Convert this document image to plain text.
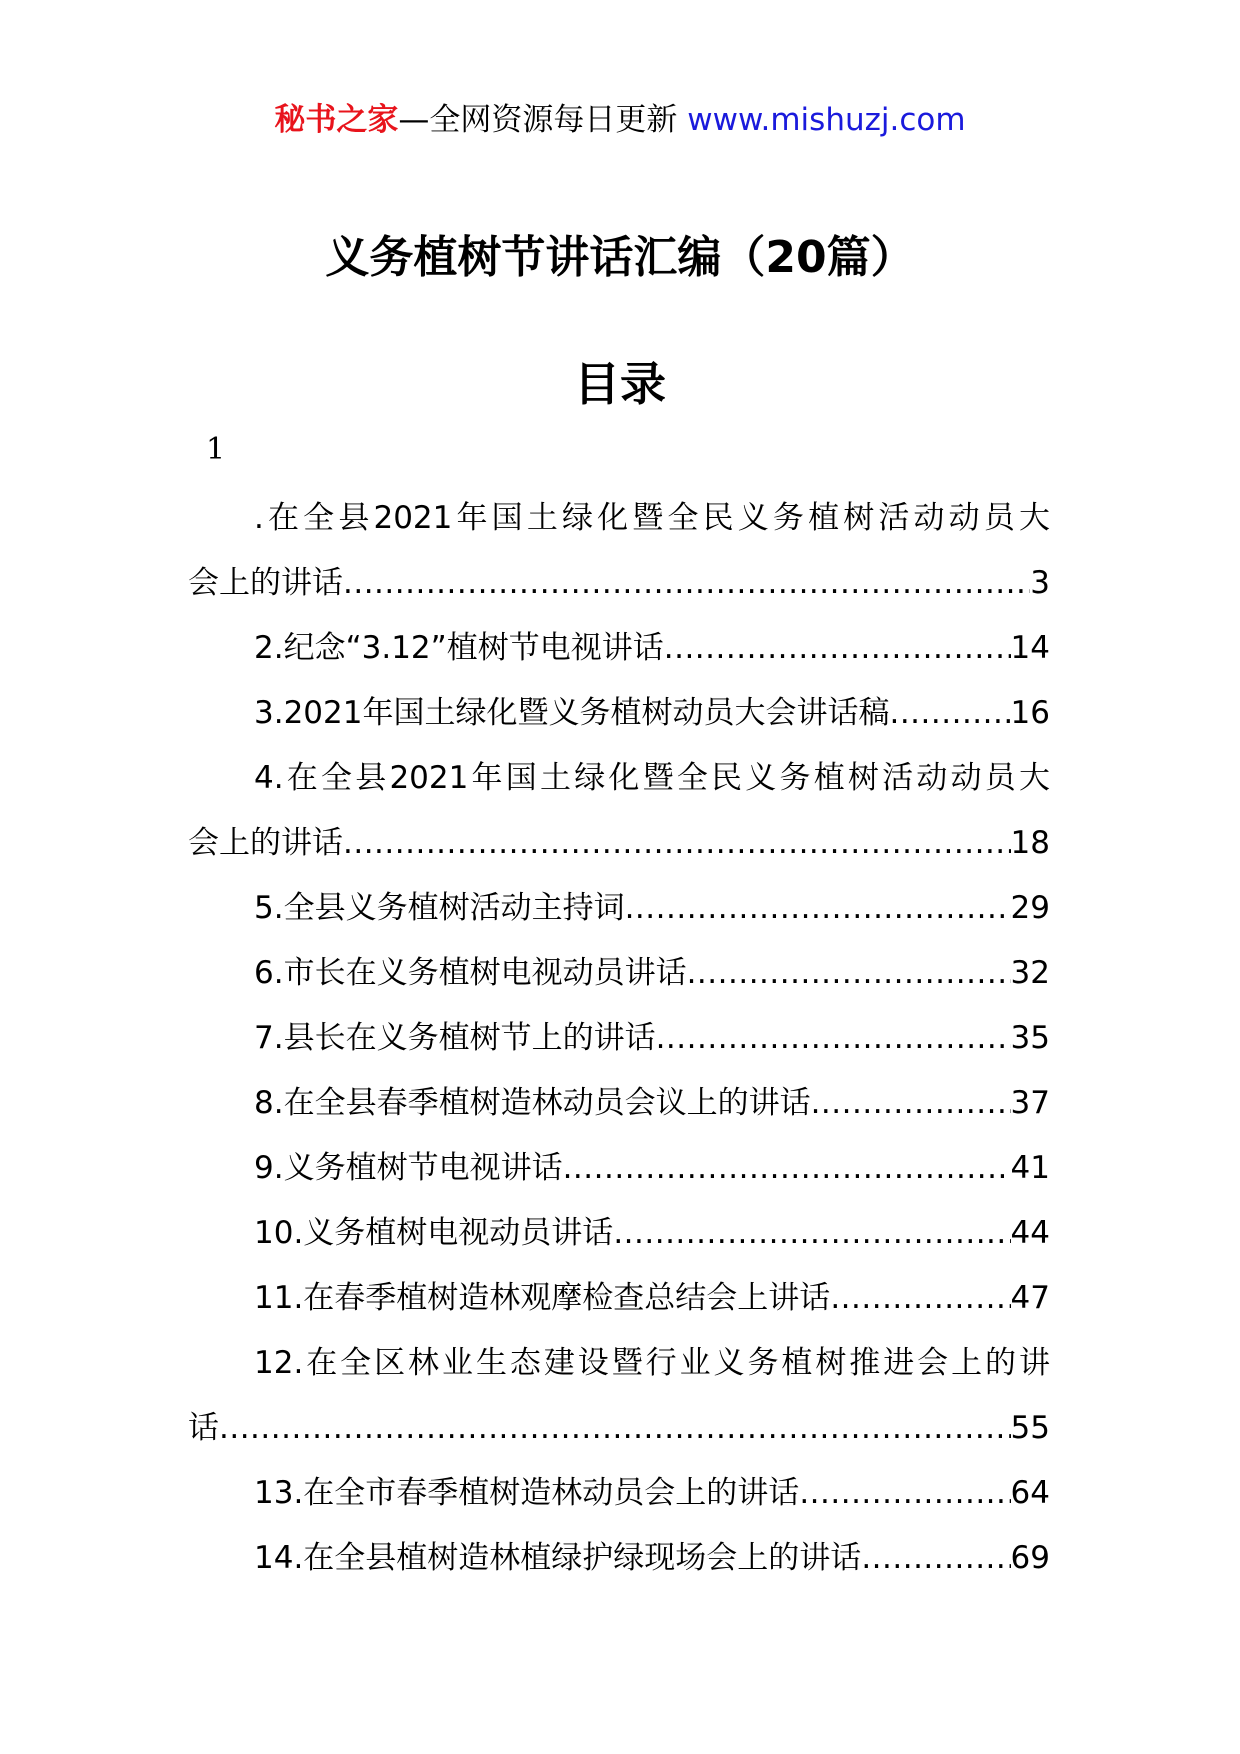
秘书之家—全网资源每日更新 www.mishuzj.com
义务植树节讲话汇编（20篇）
目录
1
.在全县2021年国土绿化暨全民义务植树活动动员大
会上的讲话 .....	3
2.纪念“3.12”植树节电视讲话 .....	14
3.2021年国土绿化暨义务植树动员大会讲话稿 .....	16
4.在全县2021年国土绿化暨全民义务植树活动动员大
会上的讲话 .....	18
5.全县义务植树活动主持词 .....	29
6.市长在义务植树电视动员讲话 .....	32
7.县长在义务植树节上的讲话 .....	35
8.在全县春季植树造林动员会议上的讲话 .....	37
9.义务植树节电视讲话 .....	41
10.义务植树电视动员讲话 .....	44
11.在春季植树造林观摩检查总结会上讲话 .....	47
12.在全区林业生态建设暨行业义务植树推进会上的讲
话 .....	55
13.在全市春季植树造林动员会上的讲话 .....	64
14.在全县植树造林植绿护绿现场会上的讲话 .....	69
